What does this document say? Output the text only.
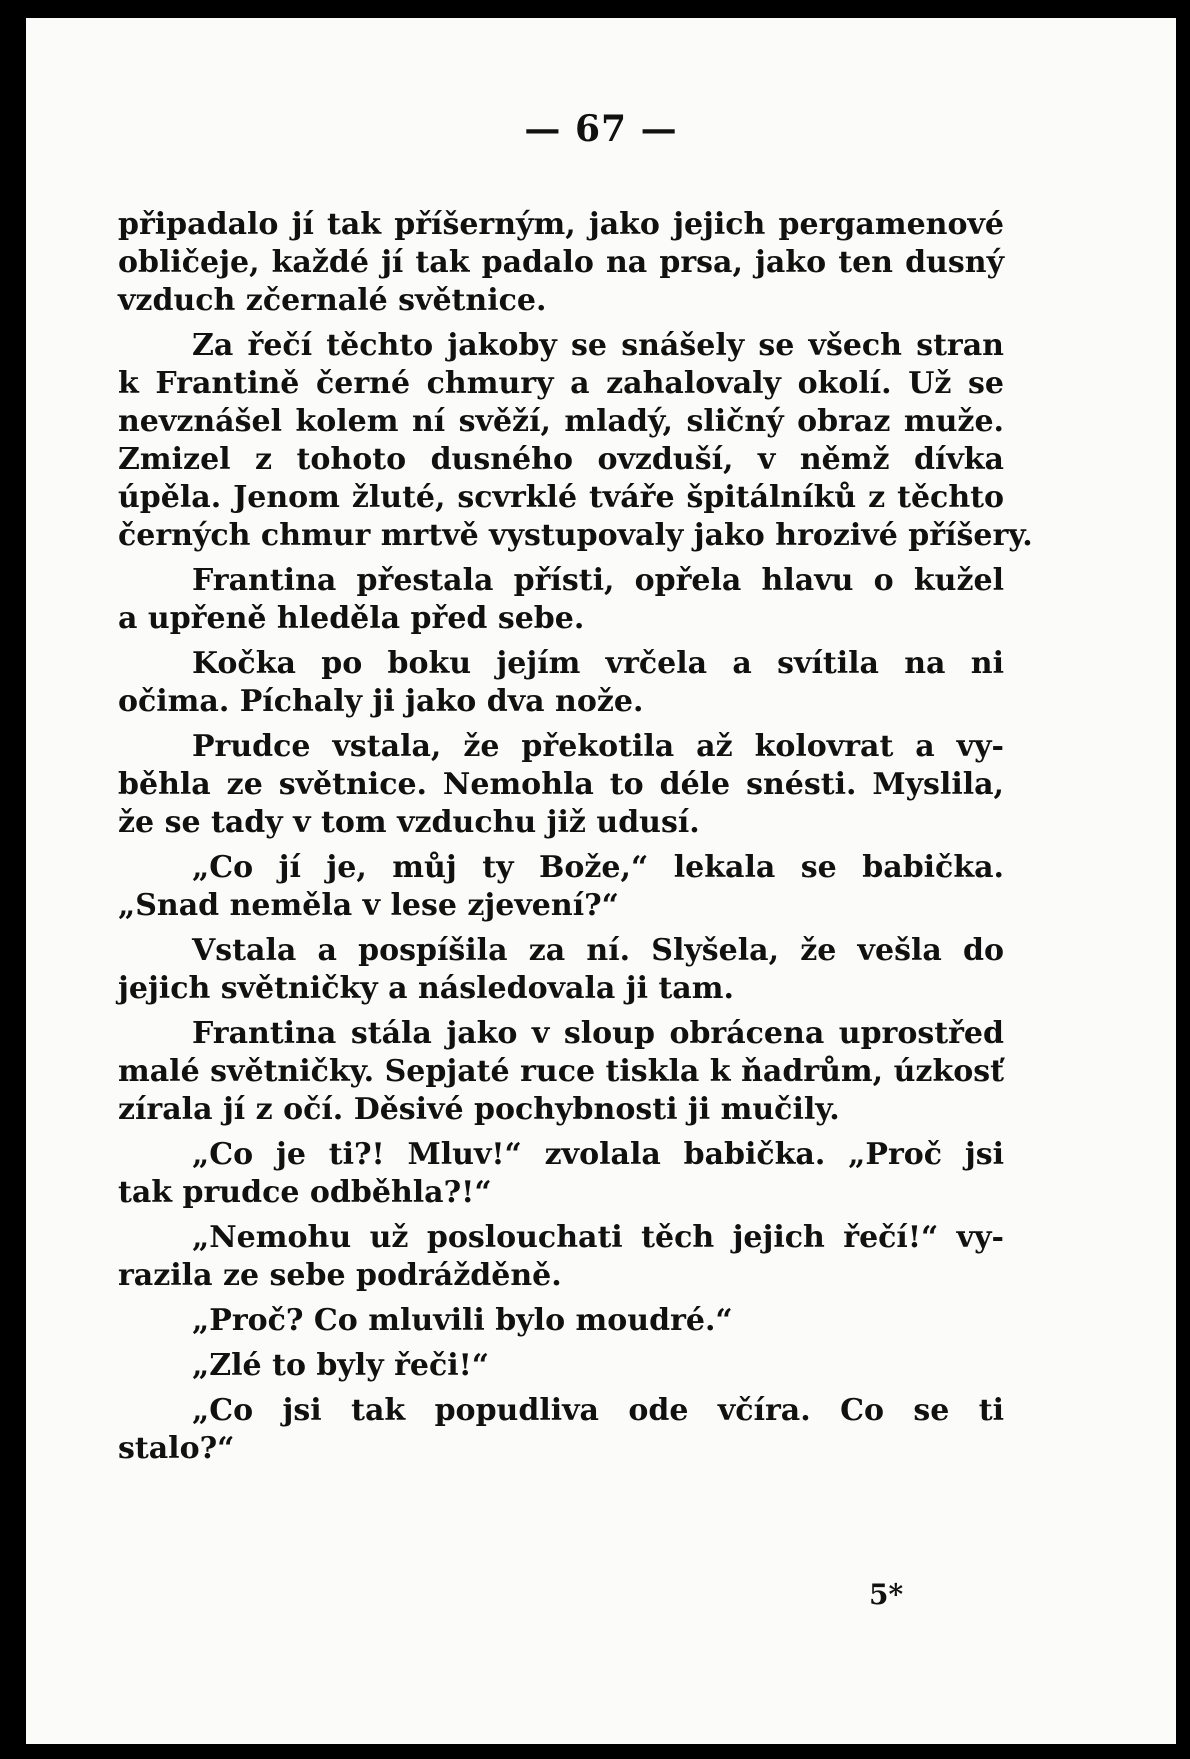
— 67 —
připadalo jí tak příšerným, jako jejich pergamenové
obličeje, každé jí tak padalo na prsa, jako ten dusný
vzduch zčernalé světnice.
Za řečí těchto jakoby se snášely se všech stran
k Frantině černé chmury a zahalovaly okolí. Už se
nevznášel kolem ní svěží, mladý, sličný obraz muže.
Zmizel z tohoto dusného ovzduší, v němž dívka
úpěla. Jenom žluté, scvrklé tváře špitálníků z těchto
černých chmur mrtvě vystupovaly jako hrozivé příšery.
Frantina přestala přísti, opřela hlavu o kužel
a upřeně hleděla před sebe.
Kočka po boku jejím vrčela a svítila na ni
očima. Píchaly ji jako dva nože.
Prudce vstala, že překotila až kolovrat a vy-
běhla ze světnice. Nemohla to déle snésti. Myslila,
že se tady v tom vzduchu již udusí.
„Co jí je, můj ty Bože,“ lekala se babička.
„Snad neměla v lese zjevení?“
Vstala a pospíšila za ní. Slyšela, že vešla do
jejich světničky a následovala ji tam.
Frantina stála jako v sloup obrácena uprostřed
malé světničky. Sepjaté ruce tiskla k ňadrům, úzkosť
zírala jí z očí. Děsivé pochybnosti ji mučily.
„Co je ti?! Mluv!“ zvolala babička. „Proč jsi
tak prudce odběhla?!“
„Nemohu už poslouchati těch jejich řečí!“ vy-
razila ze sebe podrážděně.
„Proč? Co mluvili bylo moudré.“
„Zlé to byly řeči!“
„Co jsi tak popudliva ode včíra. Co se ti
stalo?“
5*
